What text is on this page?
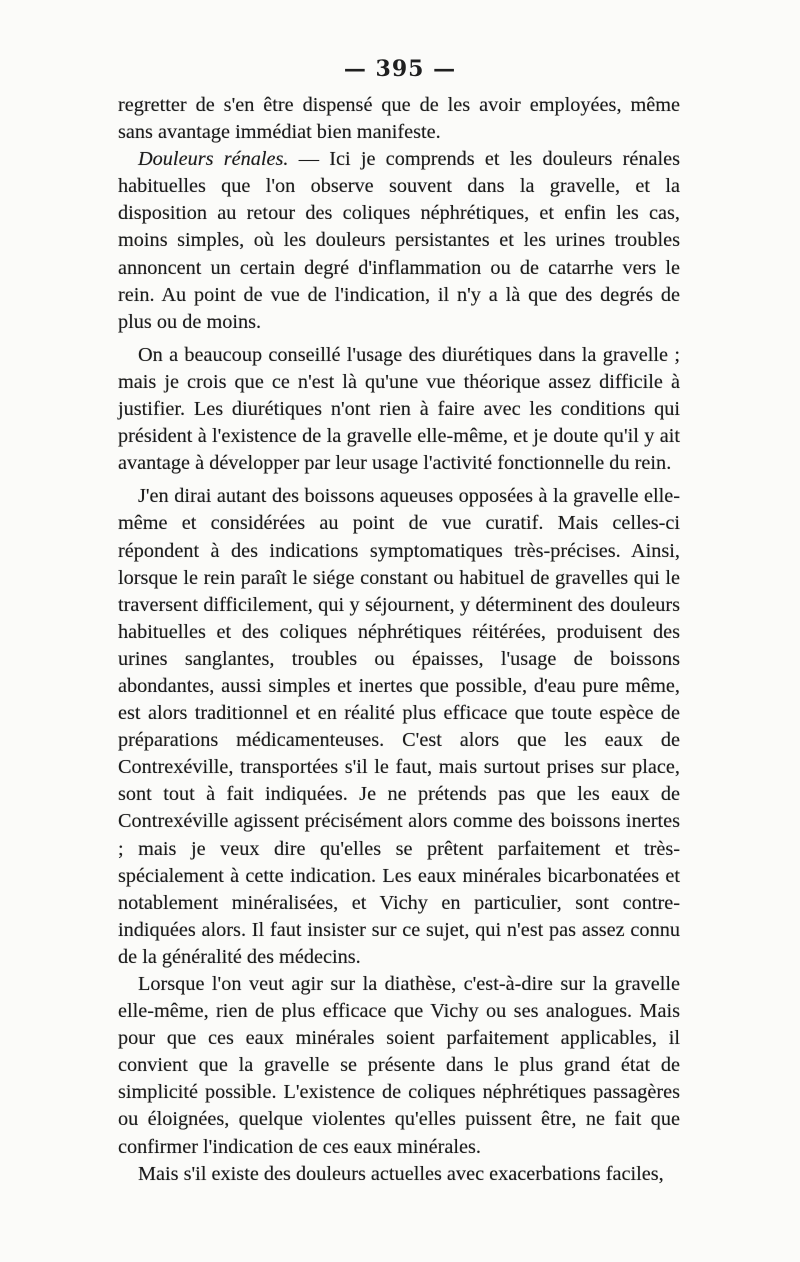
— 395 —

regretter de s'en être dispensé que de les avoir employées, même sans avantage immédiat bien manifeste.

Douleurs rénales. — Ici je comprends et les douleurs rénales habituelles que l'on observe souvent dans la gravelle, et la disposition au retour des coliques néphrétiques, et enfin les cas, moins simples, où les douleurs persistantes et les urines troubles annoncent un certain degré d'inflammation ou de catarrhe vers le rein. Au point de vue de l'indication, il n'y a là que des degrés de plus ou de moins.

On a beaucoup conseillé l'usage des diurétiques dans la gravelle ; mais je crois que ce n'est là qu'une vue théorique assez difficile à justifier. Les diurétiques n'ont rien à faire avec les conditions qui président à l'existence de la gravelle elle-même, et je doute qu'il y ait avantage à développer par leur usage l'activité fonctionnelle du rein.

J'en dirai autant des boissons aqueuses opposées à la gravelle elle-même et considérées au point de vue curatif. Mais celles-ci répondent à des indications symptomatiques très-précises. Ainsi, lorsque le rein paraît le siége constant ou habituel de gravelles qui le traversent difficilement, qui y séjournent, y déterminent des douleurs habituelles et des coliques néphrétiques réitérées, produisent des urines sanglantes, troubles ou épaisses, l'usage de boissons abondantes, aussi simples et inertes que possible, d'eau pure même, est alors traditionnel et en réalité plus efficace que toute espèce de préparations médicamenteuses. C'est alors que les eaux de Contrexéville, transportées s'il le faut, mais surtout prises sur place, sont tout à fait indiquées. Je ne prétends pas que les eaux de Contrexéville agissent précisément alors comme des boissons inertes ; mais je veux dire qu'elles se prêtent parfaitement et très-spécialement à cette indication. Les eaux minérales bicarbonatées et notablement minéralisées, et Vichy en particulier, sont contre-indiquées alors. Il faut insister sur ce sujet, qui n'est pas assez connu de la généralité des médecins.

Lorsque l'on veut agir sur la diathèse, c'est-à-dire sur la gravelle elle-même, rien de plus efficace que Vichy ou ses analogues. Mais pour que ces eaux minérales soient parfaitement applicables, il convient que la gravelle se présente dans le plus grand état de simplicité possible. L'existence de coliques néphrétiques passagères ou éloignées, quelque violentes qu'elles puissent être, ne fait que confirmer l'indication de ces eaux minérales.

Mais s'il existe des douleurs actuelles avec exacerbations faciles,
